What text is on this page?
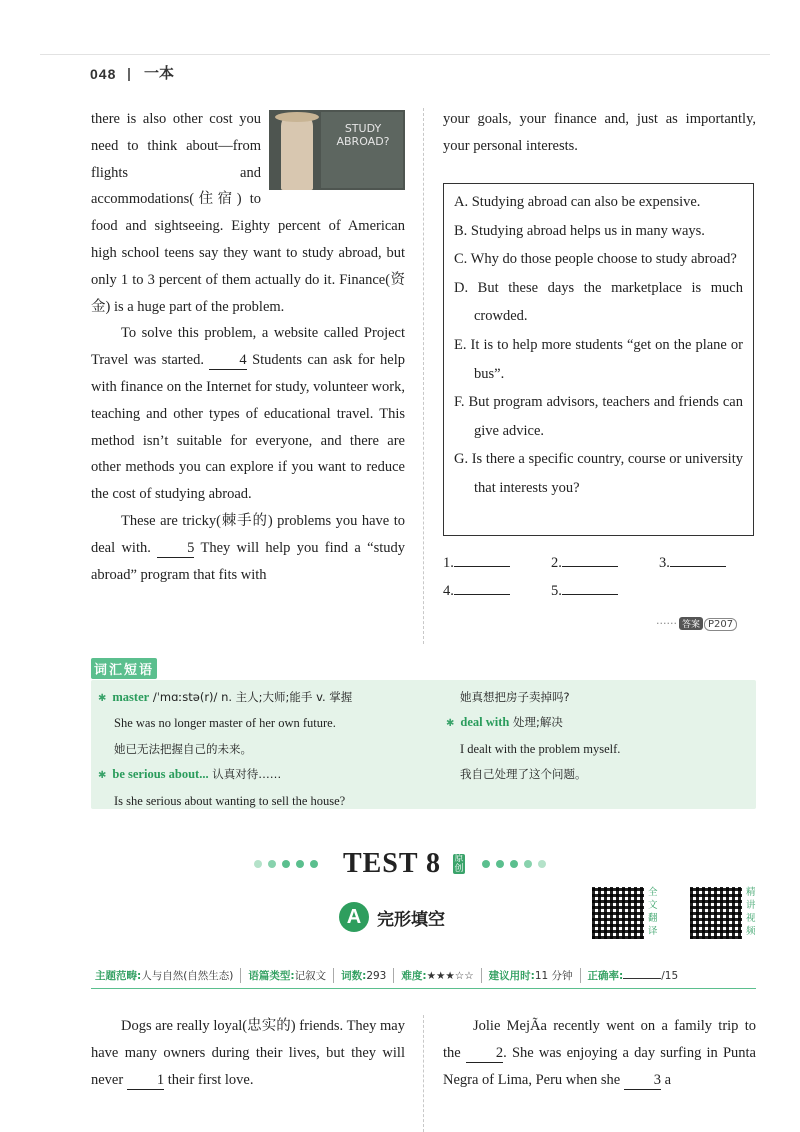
048 一本
STUDY ABROAD?

there is also other cost you need to think about—from flights and accommodations(住宿) to food and sightseeing. Eighty percent of American high school teens say they want to study abroad, but only 1 to 3 percent of them actually do it. Finance(资金) is a huge part of the problem.

To solve this problem, a website called Project Travel was started. 4 Students can ask for help with finance on the Internet for study, volunteer work, teaching and other types of educational travel. This method isn’t suitable for everyone, and there are other methods you can explore if you want to reduce the cost of studying abroad.

These are tricky(棘手的) problems you have to deal with. 5 They will help you find a “study abroad” program that fits with

your goals, your finance and, just as importantly, your personal interests.
A. Studying abroad can also be expensive.
B. Studying abroad helps us in many ways.
C. Why do those people choose to study abroad?
D. But these days the marketplace is much crowded.
E. It is to help more students “get on the plane or bus”.
F. But program advisors, teachers and friends can give advice.
G. Is there a specific country, course or university that interests you?
1.	2.	3.
4.	5.
······ 答案 P207
词汇短语
✱ master /ˈmɑːstə(r)/ n. 主人;大师;能手 v. 掌握
She was no longer master of her own future.
她已无法把握自己的未来。
✱ be serious about... 认真对待……
Is she serious about wanting to sell the house?
她真想把房子卖掉吗?
✱ deal with 处理;解决
I dealt with the problem myself.
我自己处理了这个问题。
TEST 8 原创
A 完形填空
全文翻译
精讲视频
主题范畴:人与自然(自然生态)	语篇类型:记叙文	词数:293	难度:★★★☆☆	建议用时:11 分钟	正确率:	/15

Dogs are really loyal(忠实的) friends. They may have many owners during their lives, but they will never 1 their first love.

Jolie MejÃa recently went on a family trip to the 2. She was enjoying a day surfing in Punta Negra of Lima, Peru when she 3 a
